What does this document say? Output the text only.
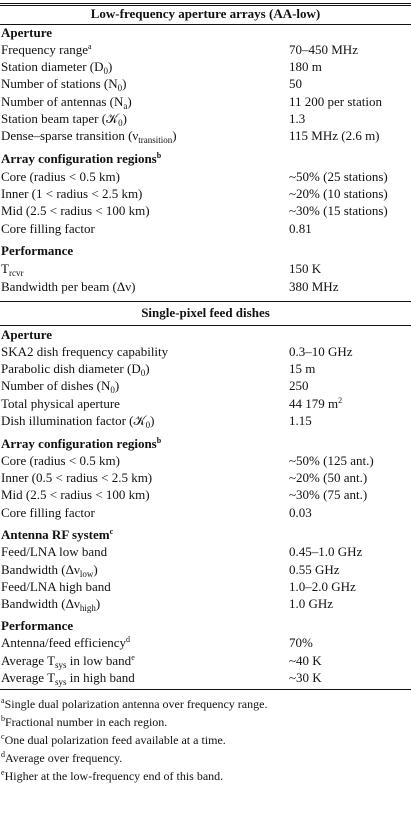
Low-frequency aperture arrays (AA-low)
Aperture
Frequency range$^a$	70–450 MHz
Station diameter $(D_0)$	180 m
Number of stations $(N_0)$	50
Number of antennas $(N_a)$	11 200 per station
Station beam taper (𝒦$_0$)	1.3
Dense–sparse transition $(\nu_{transition})$	115 MHz (2.6 m)
Array configuration regions$^b$
Core (radius < 0.5 km)	~50% (25 stations)
Inner (1 < radius < 2.5 km)	~20% (10 stations)
Mid (2.5 < radius < 100 km)	~30% (15 stations)
Core filling factor	0.81
Performance
$T_{rcvr}$	150 K
Bandwidth per beam (Δν)	380 MHz
Single-pixel feed dishes
Aperture
SKA2 dish frequency capability	0.3–10 GHz
Parabolic dish diameter $(D_0)$	15 m
Number of dishes $(N_0)$	250
Total physical aperture	44 179 $m^2$
Dish illumination factor (𝒦$_0$)	1.15
Array configuration regions$^b$
Core (radius < 0.5 km)	~50% (125 ant.)
Inner (0.5 < radius < 2.5 km)	~20% (50 ant.)
Mid (2.5 < radius < 100 km)	~30% (75 ant.)
Core filling factor	0.03
Antenna RF system$^c$
Feed/LNA low band	0.45–1.0 GHz
Bandwidth $(\Delta\nu_{low})$	0.55 GHz
Feed/LNA high band	1.0–2.0 GHz
Bandwidth $(\Delta\nu_{high})$	1.0 GHz
Performance
Antenna/feed efficiency$^d$	70%
Average $T_{sys}$ in low band$^e$	~40 K
Average $T_{sys}$ in high band	~30 K
$^a$Single dual polarization antenna over frequency range.
$^b$Fractional number in each region.
$^c$One dual polarization feed available at a time.
$^d$Average over frequency.
$^e$Higher at the low-frequency end of this band.
